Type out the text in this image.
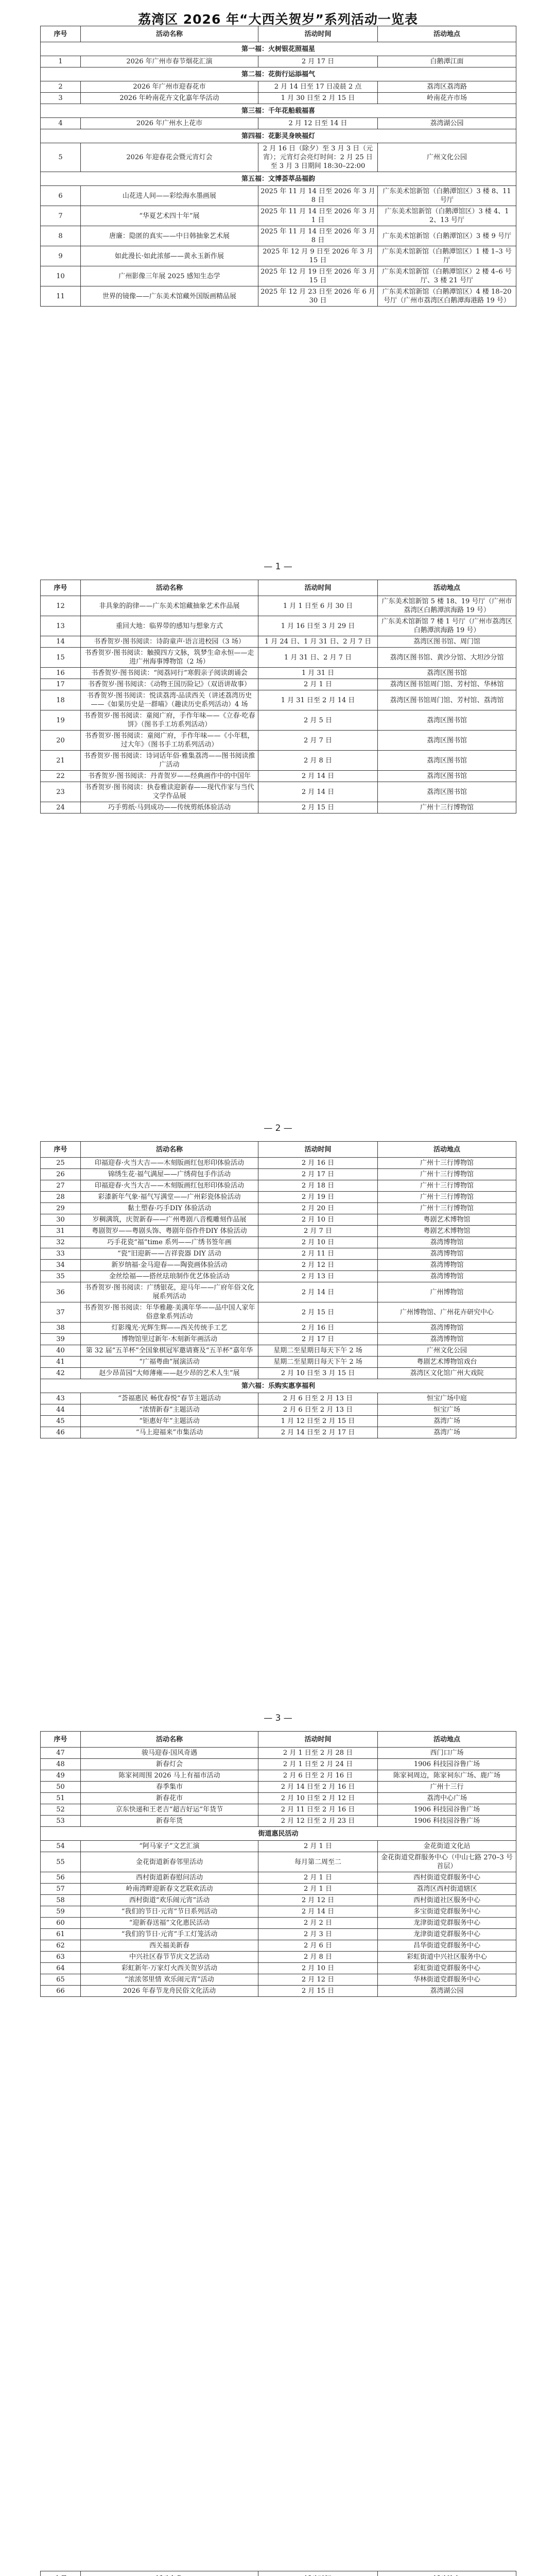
荔湾区 2026 年“大西关贺岁”系列活动一览表
序号	活动名称	活动时间	活动地点
第一福：火树银花照福星			
1	2026 年广州市春节烟花汇演	2 月 17 日	白鹅潭江面
第二福：花街行运添福气			
2	2026 年广州市迎春花市	2 月 14 日至 17 日凌晨 2 点	荔湾区荔湾路
3	2026 年岭南花卉文化嘉年华活动	1 月 30 日至 2 月 15 日	岭南花卉市场
第三福：千年花船载福喜			
4	2026 年广州水上花市	2 月 12 日至 14 日	荔湾湖公园
第四福：花影灵身映福灯			
5	2026 年迎春花会暨元宵灯会	2 月 16 日（除夕）至 3 月 3 日（元宵）；元宵灯会亮灯时间：2 月 25 日至 3 月 3 日期间 18:30–22:00	广州文化公园
第五福：文博荟萃品福韵			
6	山花进人间——彩绘海水墨画展	2025 年 11 月 14 日至 2026 年 3 月 8 日	广东美术馆新馆（白鹅潭馆区）3 楼 8、11 号厅
7	“华夏艺术四十年”展	2025 年 11 月 14 日至 2026 年 3 月 1 日	广东美术馆新馆（白鹅潭馆区）3 楼 4、12、13 号厅
8	唐廉：隐匿的真实——中日韩抽象艺术展	2025 年 11 月 14 日至 2026 年 3 月 8 日	广东美术馆新馆（白鹅潭馆区）3 楼 9 号厅
9	如此漫长·如此浓郁——黄永玉新作展	2025 年 12 月 9 日至 2026 年 3 月 15 日	广东美术馆新馆（白鹅潭馆区）1 楼 1–3 号厅
10	广州影像三年展 2025 感知生态学	2025 年 12 月 19 日至 2026 年 3 月 15 日	广东美术馆新馆（白鹅潭馆区）2 楼 4–6 号厅、3 楼 21 号厅
11	世界的镜像——广东美术馆藏外国版画精品展	2025 年 12 月 23 日至 2026 年 6 月 30 日	广东美术馆新馆（白鹅潭馆区）4 楼 18–20 号厅（广州市荔湾区白鹅潭海港路 19 号）
序号	活动名称	活动时间	活动地点
12	非具象的韵律——广东美术馆藏抽象艺术作品展	1 月 1 日至 6 月 30 日	广东美术馆新馆 5 楼 18、19 号厅（广州市荔湾区白鹅潭滨海路 19 号）
13	重回大地：临界带的感知与想象方式	1 月 16 日至 3 月 29 日	广东美术馆新馆 7 楼 1 号厅（广州市荔湾区白鹅潭滨海路 19 号）
14	书香贺岁·图书阅读：诗韵童声·语言进校园（3 场）	1 月 24 日、1 月 31 日、2 月 7 日	荔湾区图书馆、周门馆
15	书香贺岁·图书阅读：触摸四方文脉，筑梦生命永恒——走进广州海事博物馆（2 场）	1 月 31 日、2 月 7 日	荔湾区图书馆、黄沙分馆、大坦沙分馆
16	书香贺岁·图书阅读：“阅荔同行”寒假亲子阅读朗诵会	1 月 31 日	荔湾区图书馆
17	书香贺岁·图书阅读：《动物王国历险记》（双语讲故事）	2 月 1 日	荔湾区图书馆周门馆、芳村馆、华林馆
18	书香贺岁·图书阅读：悦读荔湾·品读西关（讲述荔湾历史——《如果历史是一群喵》（趣读历史系列活动）4 场	1 月 31 日至 2 月 14 日	荔湾区图书馆周门馆、芳村馆、荔湾馆
19	书香贺岁·图书阅读：童阅广府，手作年味——《立春·吃春饼》（图书手工坊系列活动）	2 月 5 日	荔湾区图书馆
20	书香贺岁·图书阅读：童阅广府，手作年味——《小年糕，过大年》（图书手工坊系列活动）	2 月 7 日	荔湾区图书馆
21	书香贺岁·图书阅读：诗词话年俗·雅集荔湾——图书阅读推广活动	2 月 8 日	荔湾区图书馆
22	书香贺岁·图书阅读：丹青贺岁——经典画作中的中国年	2 月 14 日	荔湾区图书馆
23	书香贺岁·图书阅读：执卷雅读迎新春——现代作家与当代文学作品展	2 月 14 日	荔湾区图书馆
24	巧手剪纸·马到成功——传统剪纸体验活动	2 月 15 日	广州十三行博物馆
— 1 —
序号	活动名称	活动时间	活动地点
25	印福迎春·火当大吉——木刻版画红包形印体验活动	2 月 16 日	广州十三行博物馆
26	锦绣生花·福气满屋——广绣荷包手作活动	2 月 17 日	广州十三行博物馆
27	印福迎春·火当大吉——木刻版画红包形印体验活动	2 月 18 日	广州十三行博物馆
28	彩漆新年气象·福气写满堂——广州彩瓷体验活动	2 月 19 日	广州十三行博物馆
29	黏土塑春·巧手DIY 体验活动	2 月 20 日	广州十三行博物馆
30	岁稠满筑，庆贺新春——广州粤剧八音榄雕刻作品展	2 月 10 日	粤剧艺术博物馆
31	粤剧贺岁——粤剧头饰、粤剧年俗作件DIY 体验活动	2 月 7 日	粤剧艺术博物馆
32	巧手花瓷“福”time 系列——广绣书签年画	2 月 10 日	荔湾博物馆
33	“瓷”旧迎新——吉祥瓷器 DIY 活动	2 月 11 日	荔湾博物馆
34	新岁纳福·金马迎春——陶瓷画体验活动	2 月 12 日	荔湾博物馆
35	金丝绘福——搭丝珐琅制作优艺体验活动	2 月 13 日	荔湾博物馆
36	书香贺岁·图书阅读：广绣银花，迎马年——广府年俗文化展系列活动	2 月 14 日	广州博物馆
37	书香贺岁·图书阅读：年华雅趣·美满年华——品中国人家年俗意象系列活动	2 月 15 日	广州博物馆、广州花卉研究中心
38	灯影瑰光·光辉生辉——西关传统手工艺	2 月 16 日	荔湾博物馆
39	博物馆里过新年·木刻新年画活动	2 月 17 日	荔湾博物馆
40	第 32 届“五羊杯”全国象棋冠军邀请赛及“五羊杯”嘉年华	星期二至星期日每天下午 2 场	广州文化公园
41	“广福粤曲”展演活动	星期二至星期日每天下午 2 场	粤剧艺术博物馆戏台
42	赵少昂苗园“大师薄雍——赵少昂的艺术人生”展	2 月 10 日至 3 月 15 日	荔湾区文化馆广州大戏院
第六福：乐购实惠享福利			
43	“荟福惠民 畅优春悦”春节主题活动	2 月 6 日至 2 月 13 日	恒宝广场中庭
44	“浓情新春”主题活动	2 月 6 日至 2 月 13 日	恒宝广场
45	“钜惠好年”主题活动	1 月 12 日至 2 月 15 日	荔湾广场
46	“马上迎福来”市集活动	2 月 14 日至 2 月 17 日	荔湾广场
— 2 —
序号	活动名称	活动时间	活动地点
47	骏马迎春·国风奇遇	2 月 1 日至 2 月 28 日	西门口广场
48	新春灯会	2 月 1 日至 2 月 24 日	1906 科技园谷鲁广场
49	陈家祠周围 2026 马上有福市活动	2 月 6 日至 2 月 16 日	陈家祠周边，陈家祠东广场、鹿广场
50	春季集市	2 月 14 日至 2 月 16 日	广州十三行
51	新春花市	2 月 10 日至 2 月 12 日	荔湾中心广场
52	京东快递和王老吉“超吉好运”年货节	2 月 11 日至 2 月 16 日	1906 科技园谷鲁广场
53	新春年货	2 月 12 日至 2 月 23 日	1906 科技园谷鲁广场
街道惠民活动			
54	“阿马家子”文艺汇演	2 月 1 日	金花街道文化站
55	金花街道新春邻里活动	每月第二周至二	金花街道党群服务中心（中山七路 270–3 号首层）
56	西村街道新春慰问活动	2 月 1 日	西村街道党群服务中心
57	岭南湾畔迎新春文艺联欢活动	2 月 1 日	荔湾区西村街道辖区
58	西村街道“欢乐闹元宵”活动	2 月 12 日	西村街道社区服务中心
59	“我们的节日·元宵”节日系列活动	2 月 14 日	多宝街道党群服务中心
60	“迎新春送福”文化惠民活动	2 月 2 日	龙津街道党群服务中心
61	“我们的节日·元宵”手工灯笼活动	2 月 3 日	龙津街道党群服务中心
62	西关福美新春	2 月 6 日	昌华街道党群服务中心
63	中兴社区春节节庆文艺活动	2 月 8 日	彩虹街道中兴社区服务中心
64	彩虹新年·万家灯火西关贺岁活动	2 月 10 日	彩虹街道党群服务中心
65	“浓浓邻里情 欢乐闹元宵”活动	2 月 12 日	华林街道党群服务中心
66	2026 年春节龙舟民俗文化活动	2 月 15 日	荔湾湖公园
— 3 —
